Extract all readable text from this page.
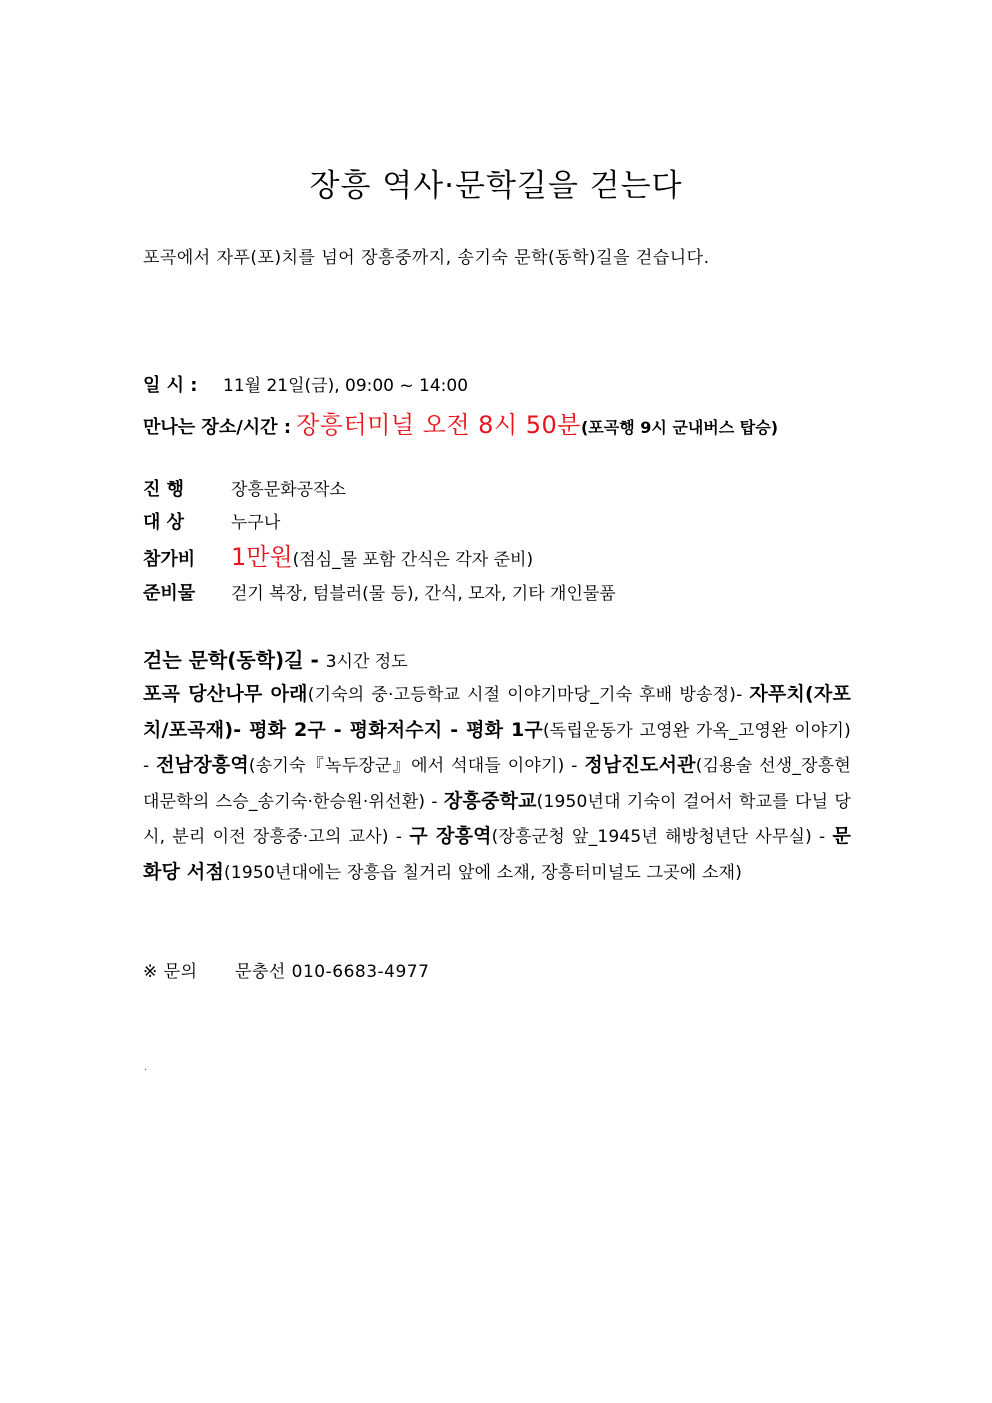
장흥 역사·문학길을 걷는다
포곡에서 자푸(포)치를 넘어 장흥중까지, 송기숙 문학(동학)길을 걷습니다.
일 시 : 11월 21일(금), 09:00 ~ 14:00
만나는 장소/시간 : 장흥터미널 오전 8시 50분(포곡행 9시 군내버스 탑승)
진 행	장흥문화공작소
대 상	누구나
참가비 1만원(점심_물 포함 간식은 각자 준비)
준비물 걷기 복장, 텀블러(물 등), 간식, 모자, 기타 개인물품
걷는 문학(동학)길 - 3시간 정도
포곡 당산나무 아래(기숙의 중·고등학교 시절 이야기마당_기숙 후배 방송정)- 자푸치(자포치/포곡재)- 평화 2구 - 평화저수지 - 평화 1구(독립운동가 고영완 가옥_고영완 이야기) - 전남장흥역(송기숙『녹두장군』에서 석대들 이야기) - 정남진도서관(김용술 선생_장흥현대문학의 스승_송기숙·한승원·위선환) - 장흥중학교(1950년대 기숙이 걸어서 학교를 다닐 당시, 분리 이전 장흥중·고의 교사) - 구 장흥역(장흥군청 앞_1945년 해방청년단 사무실) - 문화당 서점(1950년대에는 장흥읍 칠거리 앞에 소재, 장흥터미널도 그곳에 소재)
※ 문의 문충선 010-6683-4977
.
